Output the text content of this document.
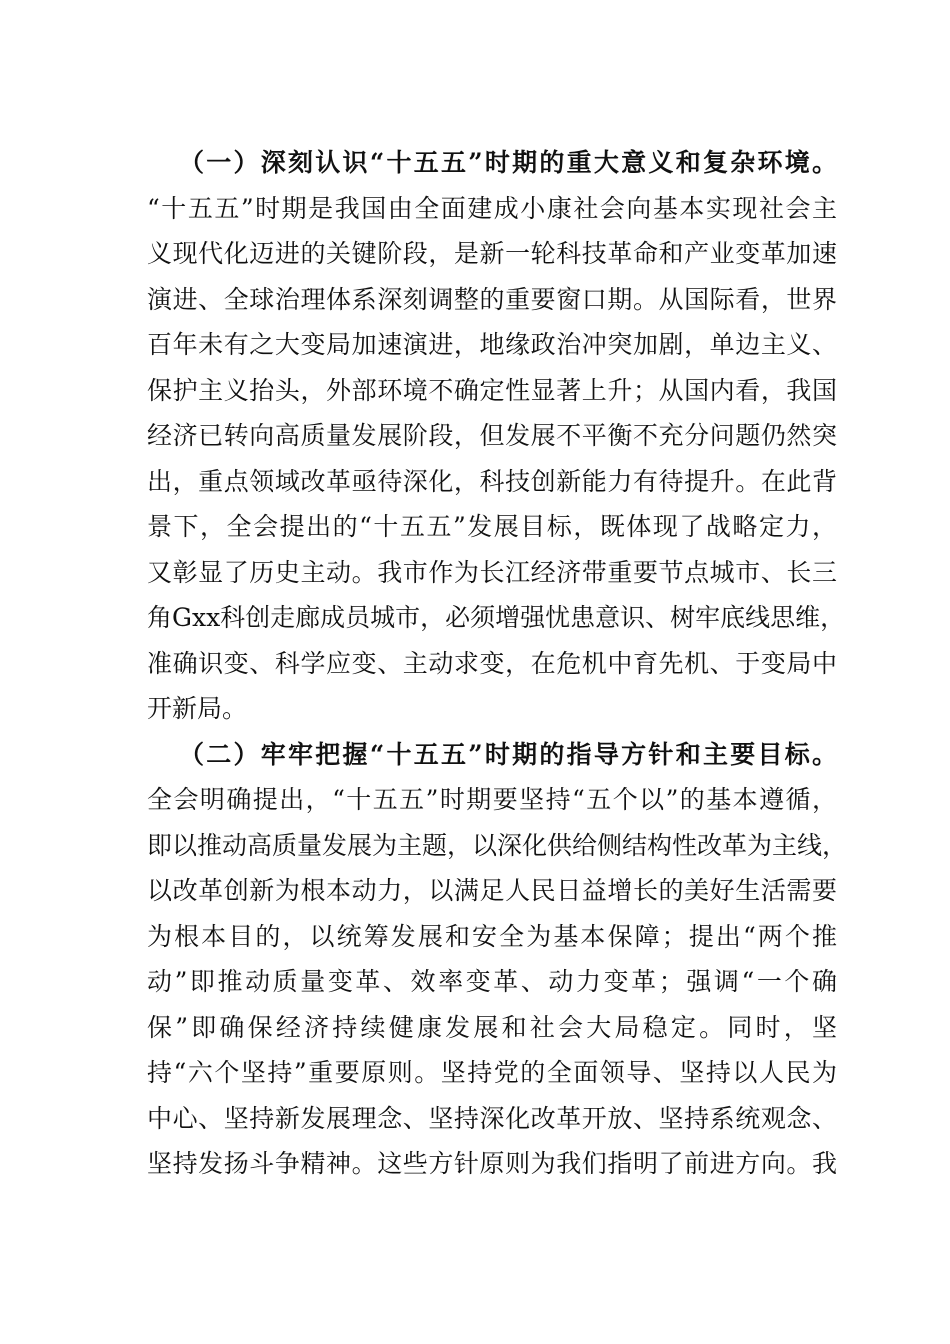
（一）深刻认识“十五五”时期的重大意义和复杂环境。
“十五五”时期是我国由全面建成小康社会向基本实现社会主
义现代化迈进的关键阶段，是新一轮科技革命和产业变革加速
演进、全球治理体系深刻调整的重要窗口期。从国际看，世界
百年未有之大变局加速演进，地缘政治冲突加剧，单边主义、
保护主义抬头，外部环境不确定性显著上升；从国内看，我国
经济已转向高质量发展阶段，但发展不平衡不充分问题仍然突
出，重点领域改革亟待深化，科技创新能力有待提升。在此背
景下，全会提出的“十五五”发展目标，既体现了战略定力，
又彰显了历史主动。我市作为长江经济带重要节点城市、长三
角Gxx科创走廊成员城市，必须增强忧患意识、树牢底线思维，
准确识变、科学应变、主动求变，在危机中育先机、于变局中
开新局。
（二）牢牢把握“十五五”时期的指导方针和主要目标。
全会明确提出，“十五五”时期要坚持“五个以”的基本遵循，
即以推动高质量发展为主题，以深化供给侧结构性改革为主线，
以改革创新为根本动力，以满足人民日益增长的美好生活需要
为根本目的，以统筹发展和安全为基本保障；提出“两个推
动”即推动质量变革、效率变革、动力变革；强调“一个确
保”即确保经济持续健康发展和社会大局稳定。同时，坚
持“六个坚持”重要原则。坚持党的全面领导、坚持以人民为
中心、坚持新发展理念、坚持深化改革开放、坚持系统观念、
坚持发扬斗争精神。这些方针原则为我们指明了前进方向。我
